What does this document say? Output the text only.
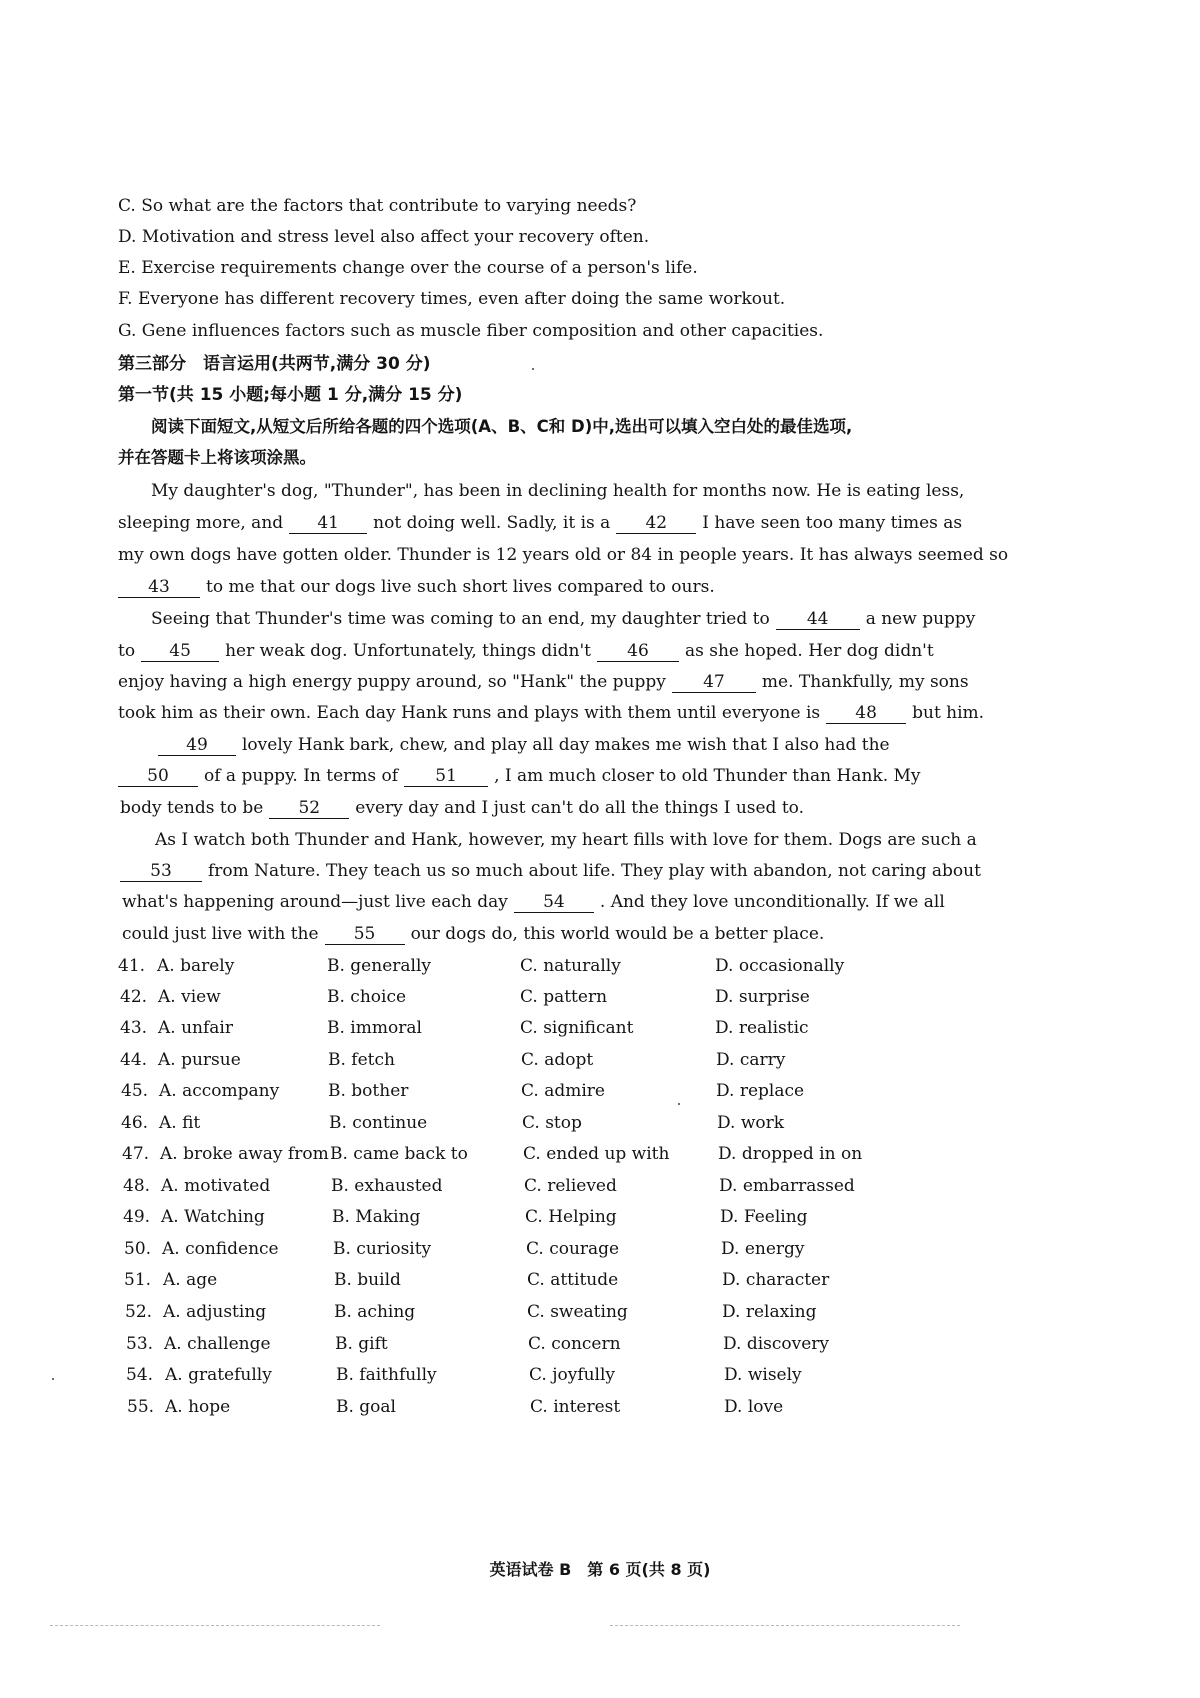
C. So what are the factors that contribute to varying needs?
D. Motivation and stress level also affect your recovery often.
E. Exercise requirements change over the course of a person's life.
F. Everyone has different recovery times, even after doing the same workout.
G. Gene influences factors such as muscle fiber composition and other capacities.
第三部分　语言运用(共两节,满分 30 分)
第一节(共 15 小题;每小题 1 分,满分 15 分)
阅读下面短文,从短文后所给各题的四个选项(A、B、C和 D)中,选出可以填入空白处的最佳选项,
并在答题卡上将该项涂黑。
My daughter's dog, "Thunder", has been in declining health for months now. He is eating less,
sleeping more, and 41 not doing well. Sadly, it is a 42 I have seen too many times as
my own dogs have gotten older. Thunder is 12 years old or 84 in people years. It has always seemed so
43 to me that our dogs live such short lives compared to ours.
Seeing that Thunder's time was coming to an end, my daughter tried to 44 a new puppy
to 45 her weak dog. Unfortunately, things didn't 46 as she hoped. Her dog didn't
enjoy having a high energy puppy around, so "Hank" the puppy 47 me. Thankfully, my sons
took him as their own. Each day Hank runs and plays with them until everyone is 48 but him.
49 lovely Hank bark, chew, and play all day makes me wish that I also had the
50 of a puppy. In terms of 51 , I am much closer to old Thunder than Hank. My
body tends to be 52 every day and I just can't do all the things I used to.
As I watch both Thunder and Hank, however, my heart fills with love for them. Dogs are such a
53 from Nature. They teach us so much about life. They play with abandon, not caring about
what's happening around—just live each day 54 . And they love unconditionally. If we all
could just live with the 55 our dogs do, this world would be a better place.
41. A. barely	B. generally	C. naturally	D. occasionally
42. A. view	B. choice	C. pattern	D. surprise
43. A. unfair	B. immoral	C. significant	D. realistic
44. A. pursue	B. fetch	C. adopt	D. carry
45. A. accompany	B. bother	C. admire	D. replace
46. A. fit	B. continue	C. stop	D. work
47. A. broke away from B. came back to	C. ended up with	D. dropped in on
48. A. motivated	B. exhausted	C. relieved	D. embarrassed
49. A. Watching	B. Making	C. Helping	D. Feeling
50. A. confidence	B. curiosity	C. courage	D. energy
51. A. age	B. build	C. attitude	D. character
52. A. adjusting	B. aching	C. sweating	D. relaxing
53. A. challenge	B. gift	C. concern	D. discovery
54. A. gratefully	B. faithfully	C. joyfully	D. wisely
55. A. hope	B. goal	C. interest	D. love
英语试卷 B　第 6 页(共 8 页)
